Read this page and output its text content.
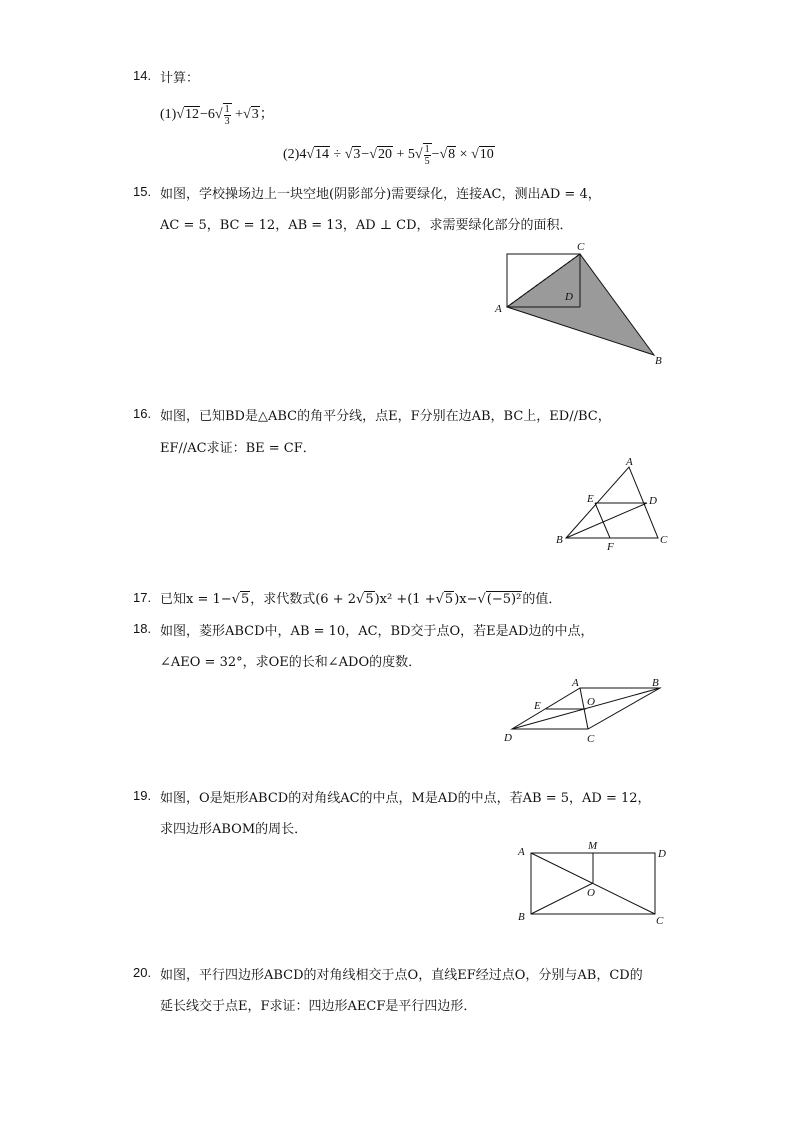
14. 计算：
$(1)√12-6√ \frac{1}{3} +√3$；
$(2)4√14 \div √3-√20 + 5√ \frac{1}{5} -√8 \times √10$
15. 如图，学校操场边上一块空地(阴影部分)需要绿化，连接AC，测出AD = 4，
AC = 5，BC = 12，AB = 13，AD ⊥ CD，求需要绿化部分的面积．
A
B
C
D
16. 如图，已知BD是△ABC的角平分线，点E，F分别在边AB，BC上，ED//BC，
EF//AC求证：BE = CF．
A
B	C
D
E
F
17. 已知x = 1−√5，求代数式(6 + 2√5)x² +(1 +√5)x−√(−5)²的值．
18. 如图，菱形ABCD中，AB = 10，AC，BD交于点O，若E是AD边的中点，
∠AEO = 32°，求OE的长和∠ADO的度数．
A	B
C
D
E	O
19. 如图，O是矩形ABCD的对角线AC的中点，M是AD的中点，若AB = 5，AD = 12，
求四边形ABOM的周长．
A
B	C
D
M
O
20. 如图，平行四边形ABCD的对角线相交于点O，直线EF经过点O，分别与AB，CD的
延长线交于点E，F求证：四边形AECF是平行四边形．
